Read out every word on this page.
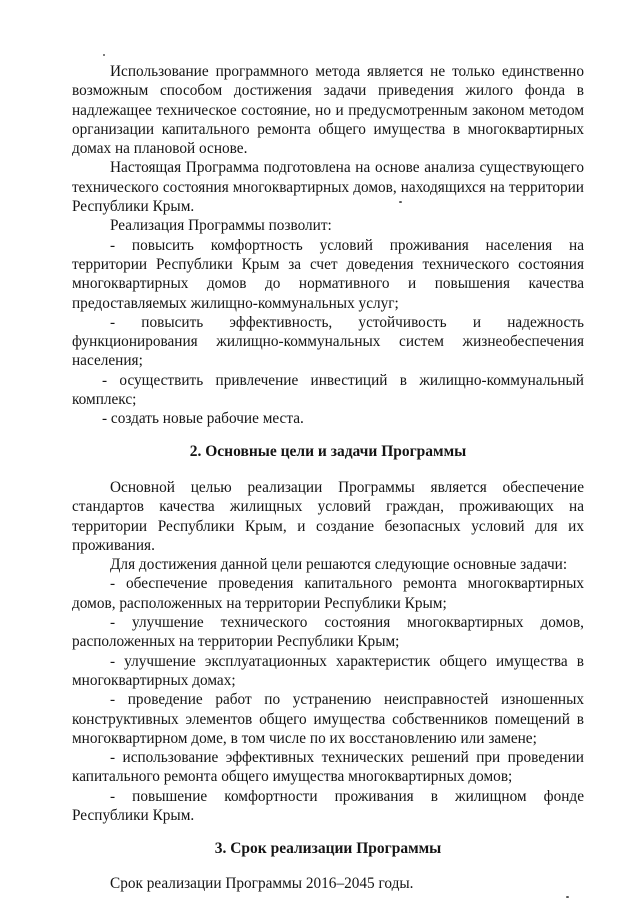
Использование программного метода является не только единственно возможным способом достижения задачи приведения жилого фонда в надлежащее техническое состояние, но и предусмотренным законом методом организации капитального ремонта общего имущества в многоквартирных домах на плановой основе.

Настоящая Программа подготовлена на основе анализа существующего технического состояния многоквартирных домов, находящихся на территории Республики Крым.

Реализация Программы позволит:

- повысить комфортность условий проживания населения на территории Республики Крым за счет доведения технического состояния многоквартирных домов до нормативного и повышения качества предоставляемых жилищно-коммунальных услуг;

- повысить эффективность, устойчивость и надежность функционирования жилищно-коммунальных систем жизнеобеспечения населения;

- осуществить привлечение инвестиций в жилищно-коммунальный комплекс;

- создать новые рабочие места.

2. Основные цели и задачи Программы

Основной целью реализации Программы является обеспечение стандартов качества жилищных условий граждан, проживающих на территории Республики Крым, и создание безопасных условий для их проживания.

Для достижения данной цели решаются следующие основные задачи:

- обеспечение проведения капитального ремонта многоквартирных домов, расположенных на территории Республики Крым;

- улучшение технического состояния многоквартирных домов, расположенных на территории Республики Крым;

- улучшение эксплуатационных характеристик общего имущества в многоквартирных домах;

- проведение работ по устранению неисправностей изношенных конструктивных элементов общего имущества собственников помещений в многоквартирном доме, в том числе по их восстановлению или замене;

- использование эффективных технических решений при проведении капитального ремонта общего имущества многоквартирных домов;

- повышение комфортности проживания в жилищном фонде Республики Крым.

3. Срок реализации Программы

Срок реализации Программы 2016–2045 годы.
